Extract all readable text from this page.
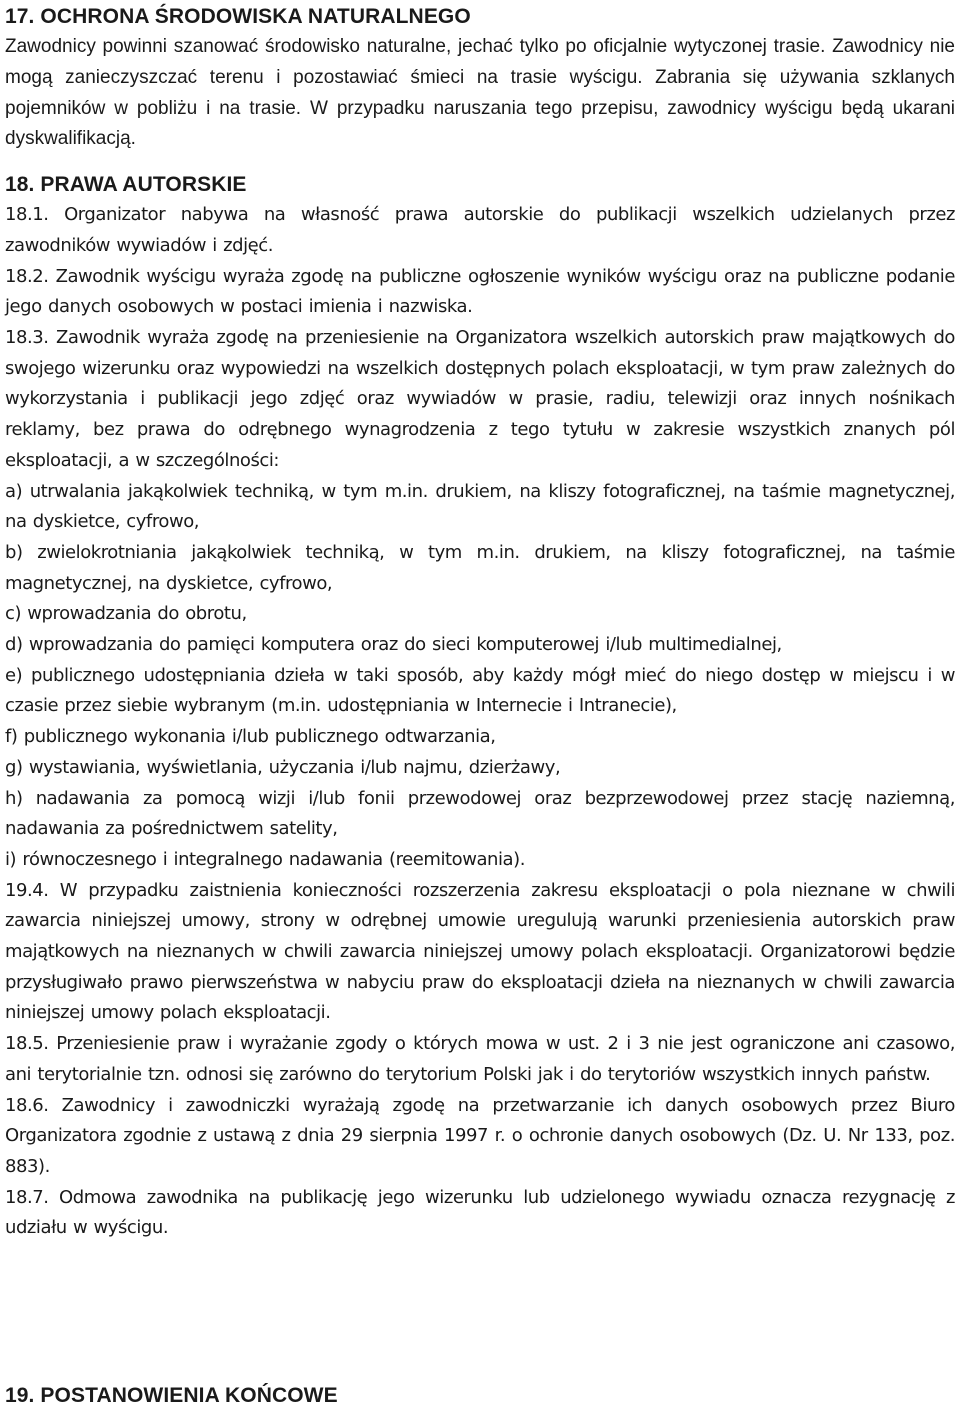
17. OCHRONA ŚRODOWISKA NATURALNEGO

Zawodnicy powinni szanować środowisko naturalne, jechać tylko po oficjalnie wytyczonej trasie. Zawodnicy nie mogą zanieczyszczać terenu i pozostawiać śmieci na trasie wyścigu. Zabrania się używania szklanych pojemników w pobliżu i na trasie. W przypadku naruszania tego przepisu, zawodnicy wyścigu będą ukarani dyskwalifikacją.

18. PRAWA AUTORSKIE

18.1. Organizator nabywa na własność prawa autorskie do publikacji wszelkich udzielanych przez zawodników wywiadów i zdjęć.

18.2. Zawodnik wyścigu wyraża zgodę na publiczne ogłoszenie wyników wyścigu oraz na publiczne podanie jego danych osobowych w postaci imienia i nazwiska.

18.3. Zawodnik wyraża zgodę na przeniesienie na Organizatora wszelkich autorskich praw majątkowych do swojego wizerunku oraz wypowiedzi na wszelkich dostępnych polach eksploatacji, w tym praw zależnych do wykorzystania i publikacji jego zdjęć oraz wywiadów w prasie, radiu, telewizji oraz innych nośnikach reklamy, bez prawa do odrębnego wynagrodzenia z tego tytułu w zakresie wszystkich znanych pól eksploatacji, a w szczególności:

a) utrwalania jakąkolwiek techniką, w tym m.in. drukiem, na kliszy fotograficznej, na taśmie magnetycznej, na dyskietce, cyfrowo,

b) zwielokrotniania jakąkolwiek techniką, w tym m.in. drukiem, na kliszy fotograficznej, na taśmie magnetycznej, na dyskietce, cyfrowo,

c) wprowadzania do obrotu,

d) wprowadzania do pamięci komputera oraz do sieci komputerowej i/lub multimedialnej,

e) publicznego udostępniania dzieła w taki sposób, aby każdy mógł mieć do niego dostęp w miejscu i w czasie przez siebie wybranym (m.in. udostępniania w Internecie i Intranecie),

f) publicznego wykonania i/lub publicznego odtwarzania,

g) wystawiania, wyświetlania, użyczania i/lub najmu, dzierżawy,

h) nadawania za pomocą wizji i/lub fonii przewodowej oraz bezprzewodowej przez stację naziemną, nadawania za pośrednictwem satelity,

i) równoczesnego i integralnego nadawania (reemitowania).

19.4. W przypadku zaistnienia konieczności rozszerzenia zakresu eksploatacji o pola nieznane w chwili zawarcia niniejszej umowy, strony w odrębnej umowie uregulują warunki przeniesienia autorskich praw majątkowych na nieznanych w chwili zawarcia niniejszej umowy polach eksploatacji. Organizatorowi będzie przysługiwało prawo pierwszeństwa w nabyciu praw do eksploatacji dzieła na nieznanych w chwili zawarcia niniejszej umowy polach eksploatacji.

18.5. Przeniesienie praw i wyrażanie zgody o których mowa w ust. 2 i 3 nie jest ograniczone ani czasowo, ani terytorialnie tzn. odnosi się zarówno do terytorium Polski jak i do terytoriów wszystkich innych państw.

18.6. Zawodnicy i zawodniczki wyrażają zgodę na przetwarzanie ich danych osobowych przez Biuro Organizatora zgodnie z ustawą z dnia 29 sierpnia 1997 r. o ochronie danych osobowych (Dz. U. Nr 133, poz. 883).

18.7. Odmowa zawodnika na publikację jego wizerunku lub udzielonego wywiadu oznacza rezygnację z udziału w wyścigu.

19. POSTANOWIENIA KOŃCOWE
